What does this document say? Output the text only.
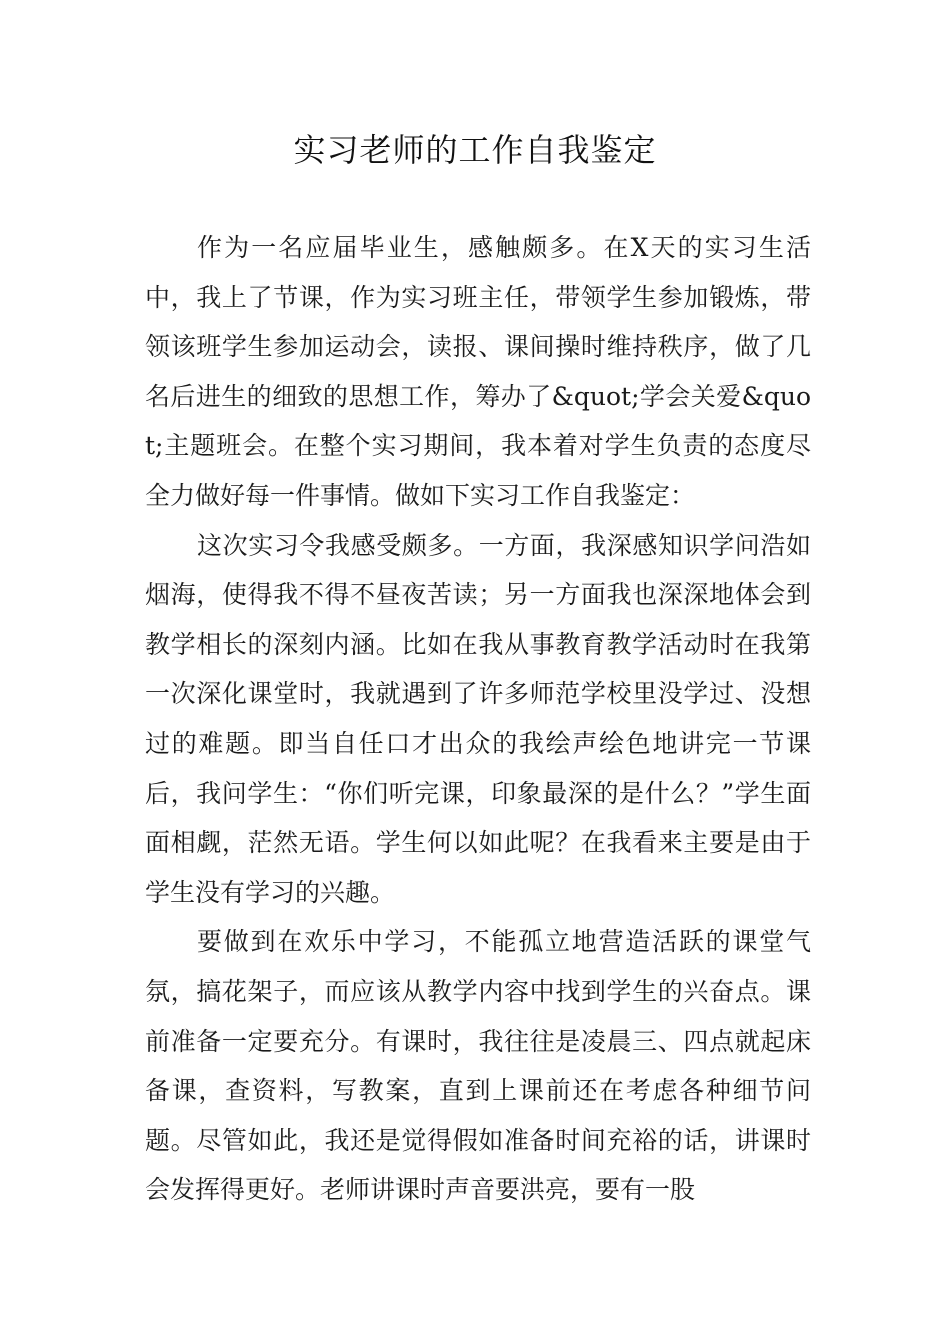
实习老师的工作自我鉴定

作为一名应届毕业生，感触颇多。在X天的实习生活中，我上了节课，作为实习班主任，带领学生参加锻炼，带领该班学生参加运动会，读报、课间操时维持秩序，做了几名后进生的细致的思想工作，筹办了&quot;学会关爱&quot;主题班会。在整个实习期间，我本着对学生负责的态度尽全力做好每一件事情。做如下实习工作自我鉴定：

这次实习令我感受颇多。一方面，我深感知识学问浩如烟海，使得我不得不昼夜苦读；另一方面我也深深地体会到教学相长的深刻内涵。比如在我从事教育教学活动时在我第一次深化课堂时，我就遇到了许多师范学校里没学过、没想过的难题。即当自任口才出众的我绘声绘色地讲完一节课后，我问学生：“你们听完课，印象最深的是什么？”学生面面相觑，茫然无语。学生何以如此呢？在我看来主要是由于学生没有学习的兴趣。

要做到在欢乐中学习，不能孤立地营造活跃的课堂气氛，搞花架子，而应该从教学内容中找到学生的兴奋点。课前准备一定要充分。有课时，我往往是凌晨三、四点就起床备课，查资料，写教案，直到上课前还在考虑各种细节问题。尽管如此，我还是觉得假如准备时间充裕的话，讲课时会发挥得更好。老师讲课时声音要洪亮，要有一股
